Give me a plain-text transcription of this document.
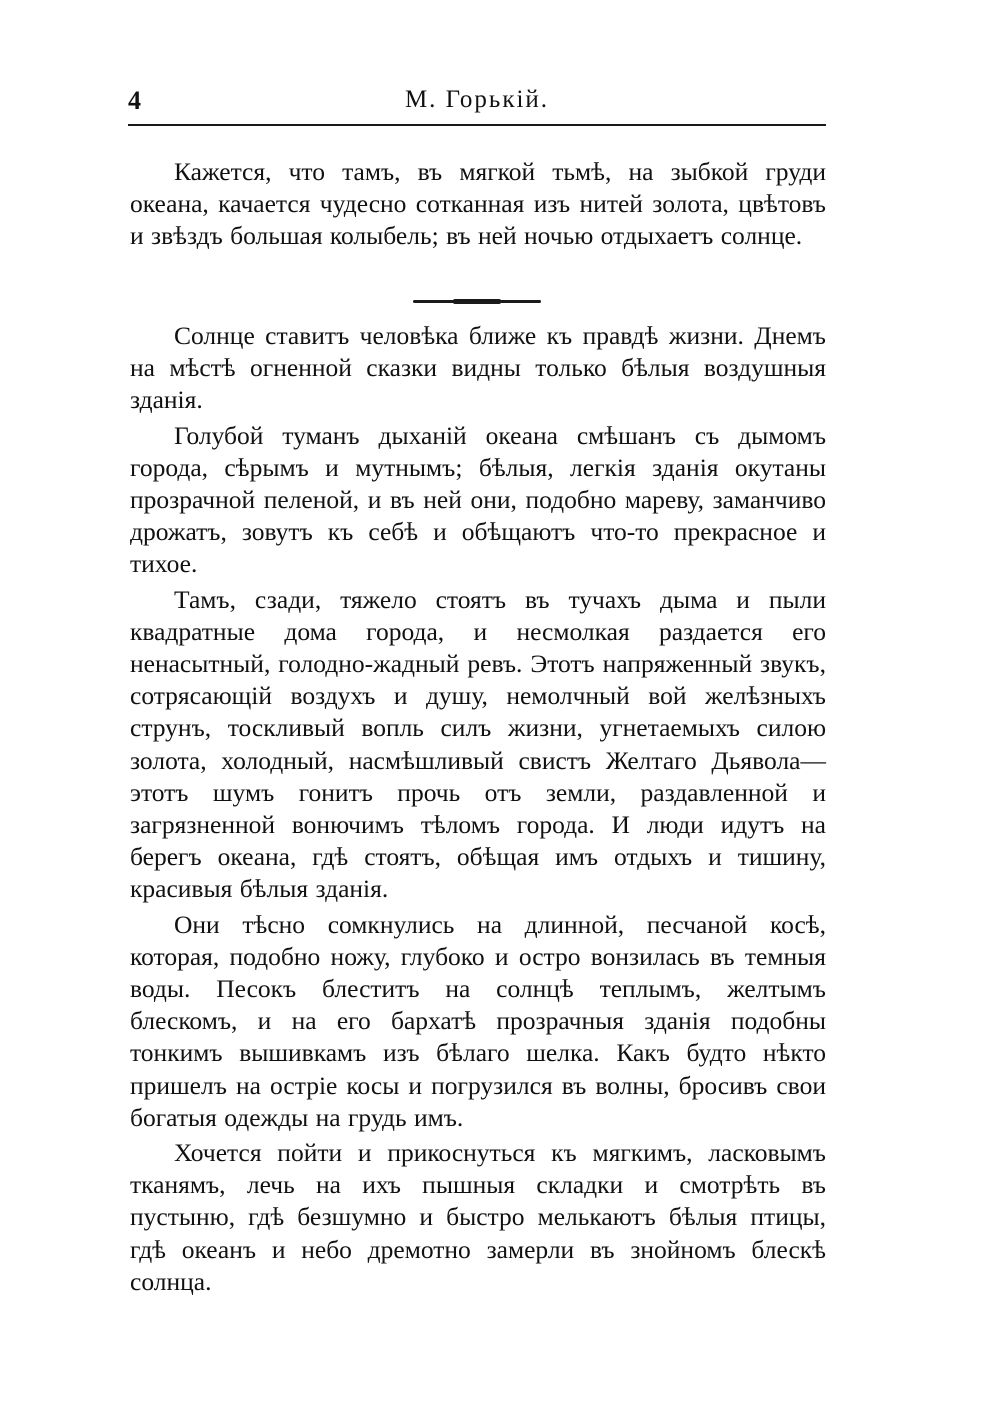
4	М. Горькій.

Кажется, что тамъ, въ мягкой тьмѣ, на зыбкой груди океана, качается чудесно сотканная изъ нитей золота, цвѣтовъ и звѣздъ большая колыбель; въ ней ночью отдыхаетъ солнце.

Солнце ставитъ человѣка ближе къ правдѣ жизни. Днемъ на мѣстѣ огненной сказки видны только бѣлыя воздушныя зданія.

Голубой туманъ дыханій океана смѣшанъ съ дымомъ города, сѣрымъ и мутнымъ; бѣлыя, легкія зданія окутаны прозрачной пеленой, и въ ней они, подобно мареву, заманчиво дрожатъ, зовутъ къ себѣ и обѣщаютъ что-то прекрасное и тихое.

Тамъ, сзади, тяжело стоятъ въ тучахъ дыма и пыли квадратные дома города, и несмолкая раздается его ненасытный, голодно-жадный ревъ. Этотъ напряженный звукъ, сотрясающій воздухъ и душу, немолчный вой желѣзныхъ струнъ, тоскливый вопль силъ жизни, угнетаемыхъ силою золота, холодный, насмѣшливый свистъ Желтаго Дьявола—этотъ шумъ гонитъ прочь отъ земли, раздавленной и загрязненной вонючимъ тѣломъ города. И люди идутъ на берегъ океана, гдѣ стоятъ, обѣщая имъ отдыхъ и тишину, красивыя бѣлыя зданія.

Они тѣсно сомкнулись на длинной, песчаной косѣ, которая, подобно ножу, глубоко и остро вонзилась въ темныя воды. Песокъ блеститъ на солнцѣ теплымъ, желтымъ блескомъ, и на его бархатѣ прозрачныя зданія подобны тонкимъ вышивкамъ изъ бѣлаго шелка. Какъ будто нѣкто пришелъ на остріе косы и погрузился въ волны, бросивъ свои богатыя одежды на грудь имъ.

Хочется пойти и прикоснуться къ мягкимъ, ласковымъ тканямъ, лечь на ихъ пышныя складки и смотрѣть въ пустыню, гдѣ безшумно и быстро мелькаютъ бѣлыя птицы, гдѣ океанъ и небо дремотно замерли въ знойномъ блескѣ солнца.
